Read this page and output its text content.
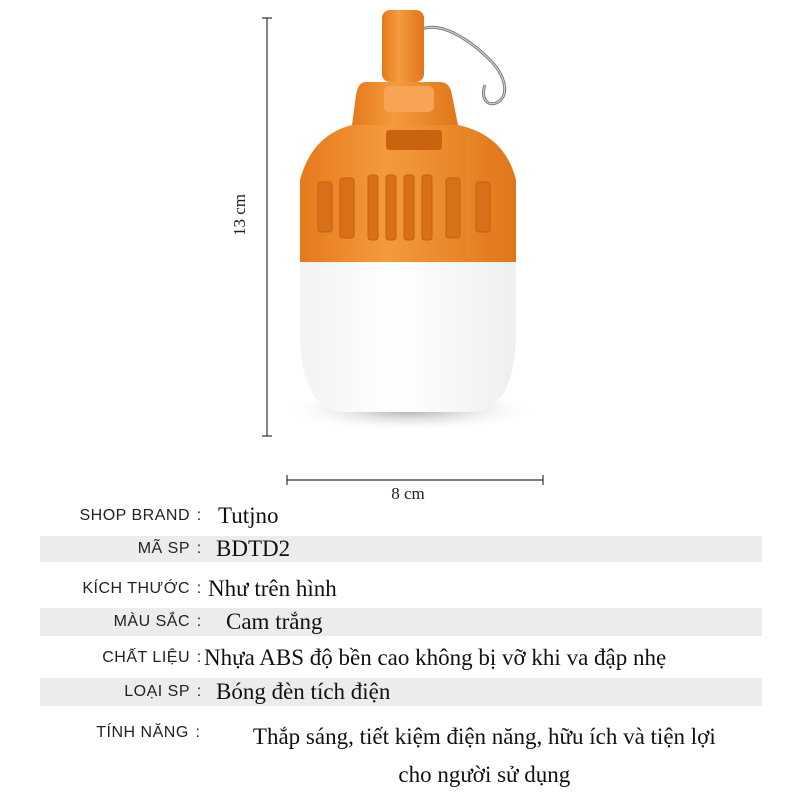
8 cm
13 cm
SHOP BRAND : Tutjno
MÃ SP : BDTD2
KÍCH THƯỚC : Như trên hình
MÀU SẮC : Cam trắng
CHẤT LIỆU : Nhựa ABS độ bền cao không bị vỡ khi va đập nhẹ
LOẠI SP : Bóng đèn tích điện
TÍNH NĂNG :	Thắp sáng, tiết kiệm điện năng, hữu ích và tiện lợi
cho người sử dụng
